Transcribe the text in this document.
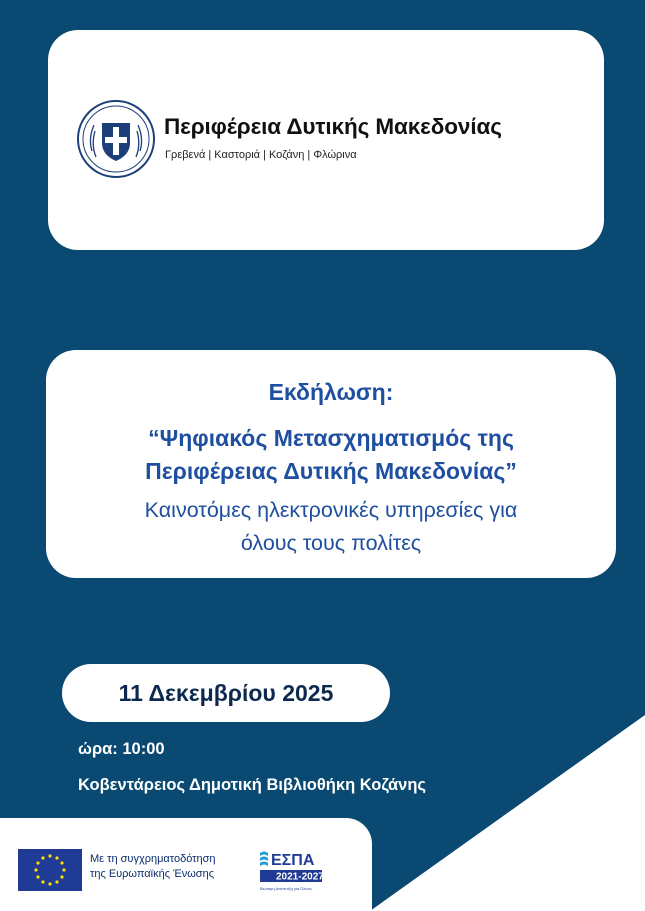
Περιφέρεια Δυτικής Μακεδονίας
Γρεβενά | Καστοριά | Κοζάνη | Φλώρινα
Εκδήλωση:
“Ψηφιακός Μετασχηματισμός της
Περιφέρειας Δυτικής Μακεδονίας”
Καινοτόμες ηλεκτρονικές υπηρεσίες για
όλους τους πολίτες
11 Δεκεμβρίου 2025
ώρα: 10:00
Κοβεντάρειος Δημοτική Βιβλιοθήκη Κοζάνης
Με τη συγχρηματοδότηση
της Ευρωπαϊκής Ένωσης
ΕΣΠΑ
2021-2027
Βιώσιμη Ανάπτυξη για Όλους
